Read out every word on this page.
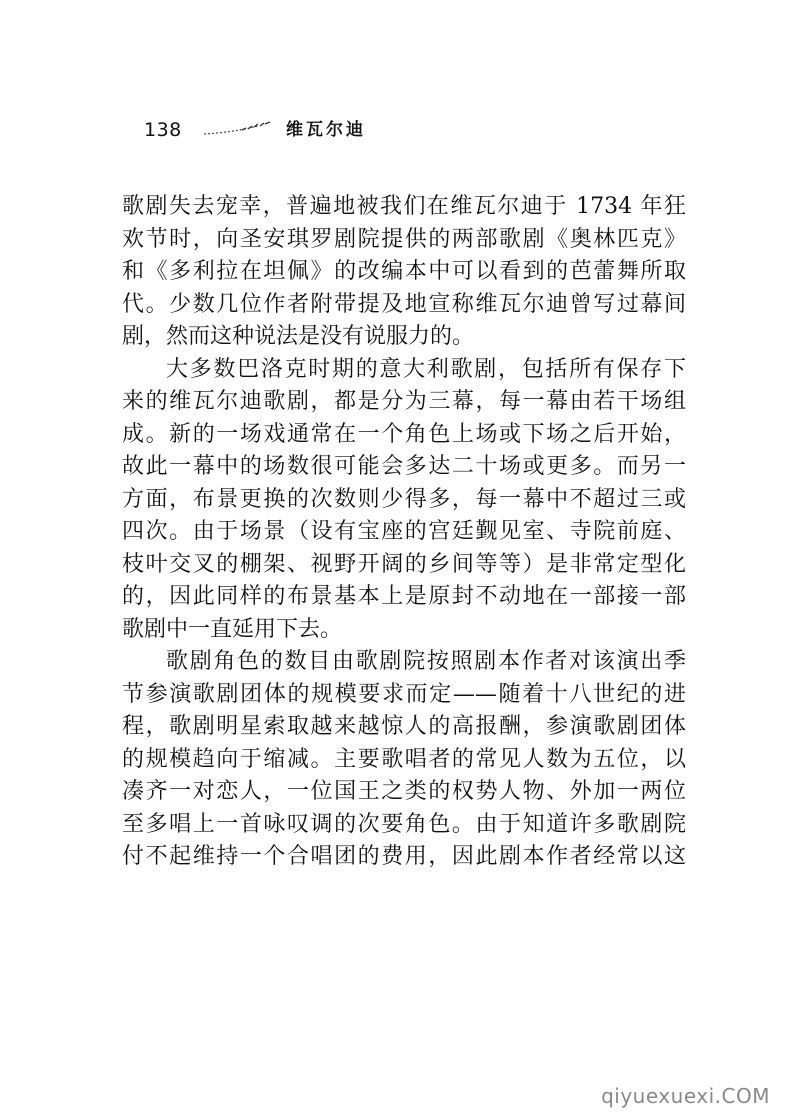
138	维瓦尔迪
歌剧失去宠幸，普遍地被我们在维瓦尔迪于 1734 年狂
欢节时，向圣安琪罗剧院提供的两部歌剧《奥林匹克》
和《多利拉在坦佩》的改编本中可以看到的芭蕾舞所取
代。少数几位作者附带提及地宣称维瓦尔迪曾写过幕间
剧，然而这种说法是没有说服力的。
大多数巴洛克时期的意大利歌剧，包括所有保存下
来的维瓦尔迪歌剧，都是分为三幕，每一幕由若干场组
成。新的一场戏通常在一个角色上场或下场之后开始，
故此一幕中的场数很可能会多达二十场或更多。而另一
方面，布景更换的次数则少得多，每一幕中不超过三或
四次。由于场景（设有宝座的宫廷觐见室、寺院前庭、
枝叶交叉的棚架、视野开阔的乡间等等）是非常定型化
的，因此同样的布景基本上是原封不动地在一部接一部
歌剧中一直延用下去。
歌剧角色的数目由歌剧院按照剧本作者对该演出季
节参演歌剧团体的规模要求而定——随着十八世纪的进
程，歌剧明星索取越来越惊人的高报酬，参演歌剧团体
的规模趋向于缩减。主要歌唱者的常见人数为五位，以
凑齐一对恋人，一位国王之类的权势人物、外加一两位
至多唱上一首咏叹调的次要角色。由于知道许多歌剧院
付不起维持一个合唱团的费用，因此剧本作者经常以这
qiyuexuexi.COM
